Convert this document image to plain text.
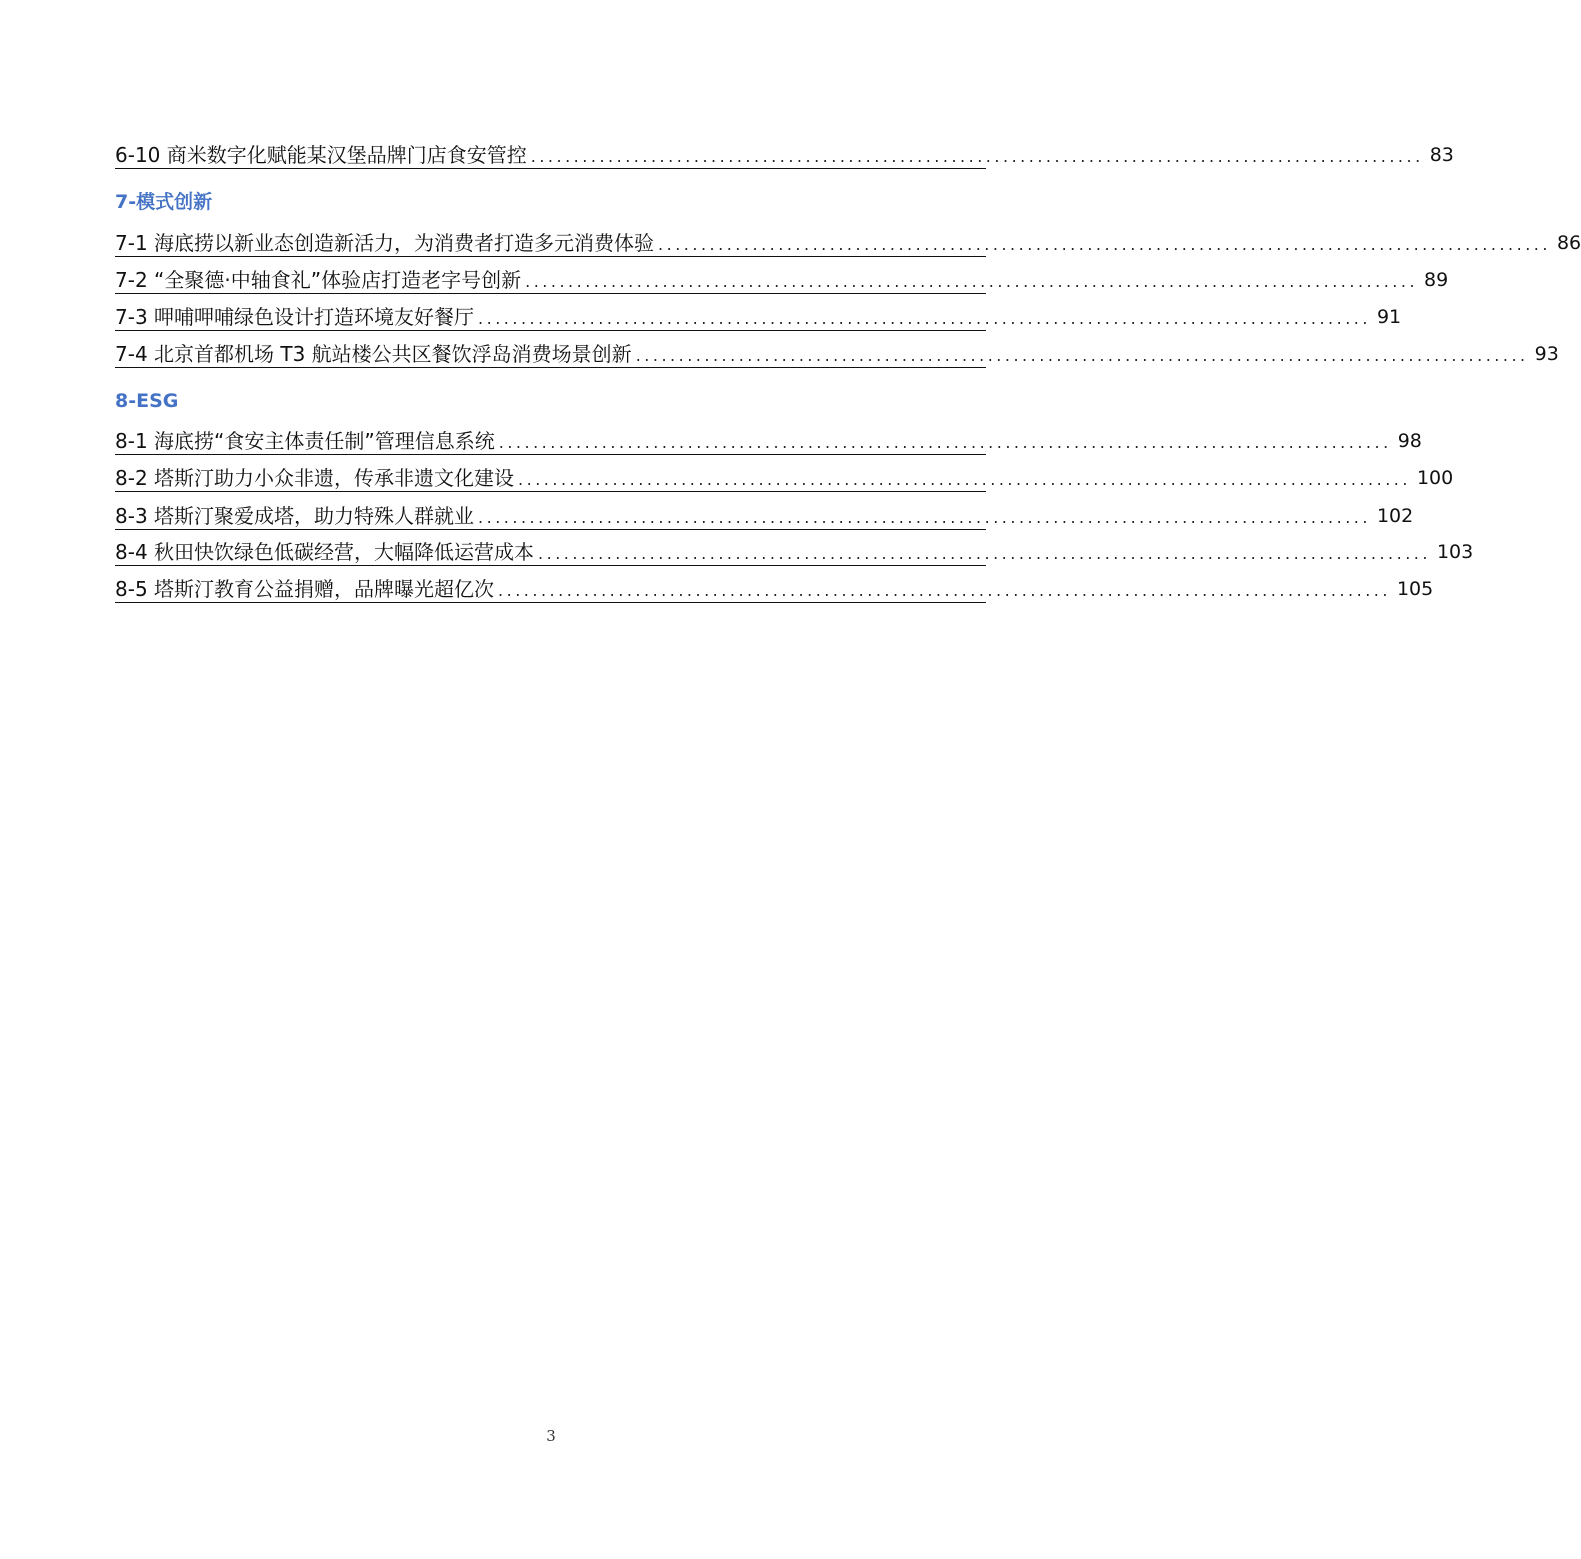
6-10 商米数字化赋能某汉堡品牌门店食安管控 ........................................................................................................ 83
7-模式创新
7-1 海底捞以新业态创造新活力，为消费者打造多元消费体验 ........................................................................................................ 86
7-2 “全聚德·中轴食礼”体验店打造老字号创新 ........................................................................................................ 89
7-3 呷哺呷哺绿色设计打造环境友好餐厅 ........................................................................................................ 91
7-4 北京首都机场 T3 航站楼公共区餐饮浮岛消费场景创新 ........................................................................................................ 93
8-ESG
8-1 海底捞“食安主体责任制”管理信息系统 ........................................................................................................ 98
8-2 塔斯汀助力小众非遗，传承非遗文化建设 ........................................................................................................ 100
8-3 塔斯汀聚爱成塔，助力特殊人群就业 ........................................................................................................ 102
8-4 秋田快饮绿色低碳经营，大幅降低运营成本 ........................................................................................................ 103
8-5 塔斯汀教育公益捐赠，品牌曝光超亿次 ........................................................................................................ 105
3
